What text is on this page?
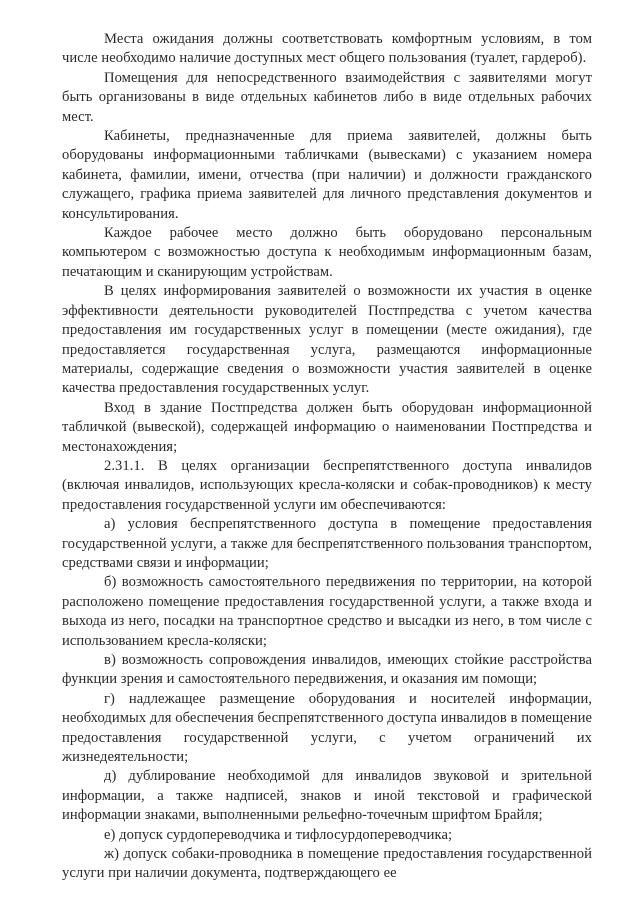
Места ожидания должны соответствовать комфортным условиям, в том числе необходимо наличие доступных мест общего пользования (туалет, гардероб).

Помещения для непосредственного взаимодействия с заявителями могут быть организованы в виде отдельных кабинетов либо в виде отдельных рабочих мест.

Кабинеты, предназначенные для приема заявителей, должны быть оборудованы информационными табличками (вывесками) с указанием номера кабинета, фамилии, имени, отчества (при наличии) и должности гражданского служащего, графика приема заявителей для личного представления документов и консультирования.

Каждое рабочее место должно быть оборудовано персональным компьютером с возможностью доступа к необходимым информационным базам, печатающим и сканирующим устройствам.

В целях информирования заявителей о возможности их участия в оценке эффективности деятельности руководителей Постпредства с учетом качества предоставления им государственных услуг в помещении (месте ожидания), где предоставляется государственная услуга, размещаются информационные материалы, содержащие сведения о возможности участия заявителей в оценке качества предоставления государственных услуг.

Вход в здание Постпредства должен быть оборудован информационной табличкой (вывеской), содержащей информацию о наименовании Постпредства и местонахождения;

2.31.1. В целях организации беспрепятственного доступа инвалидов (включая инвалидов, использующих кресла-коляски и собак-проводников) к месту предоставления государственной услуги им обеспечиваются:

а) условия беспрепятственного доступа в помещение предоставления государственной услуги, а также для беспрепятственного пользования транспортом, средствами связи и информации;

б) возможность самостоятельного передвижения по территории, на которой расположено помещение предоставления государственной услуги, а также входа и выхода из него, посадки на транспортное средство и высадки из него, в том числе с использованием кресла-коляски;

в) возможность сопровождения инвалидов, имеющих стойкие расстройства функции зрения и самостоятельного передвижения, и оказания им помощи;

г) надлежащее размещение оборудования и носителей информации, необходимых для обеспечения беспрепятственного доступа инвалидов в помещение предоставления государственной услуги, с учетом ограничений их жизнедеятельности;

д) дублирование необходимой для инвалидов звуковой и зрительной информации, а также надписей, знаков и иной текстовой и графической информации знаками, выполненными рельефно-точечным шрифтом Брайля;

е) допуск сурдопереводчика и тифлосурдопереводчика;

ж) допуск собаки-проводника в помещение предоставления государственной услуги при наличии документа, подтверждающего ее
